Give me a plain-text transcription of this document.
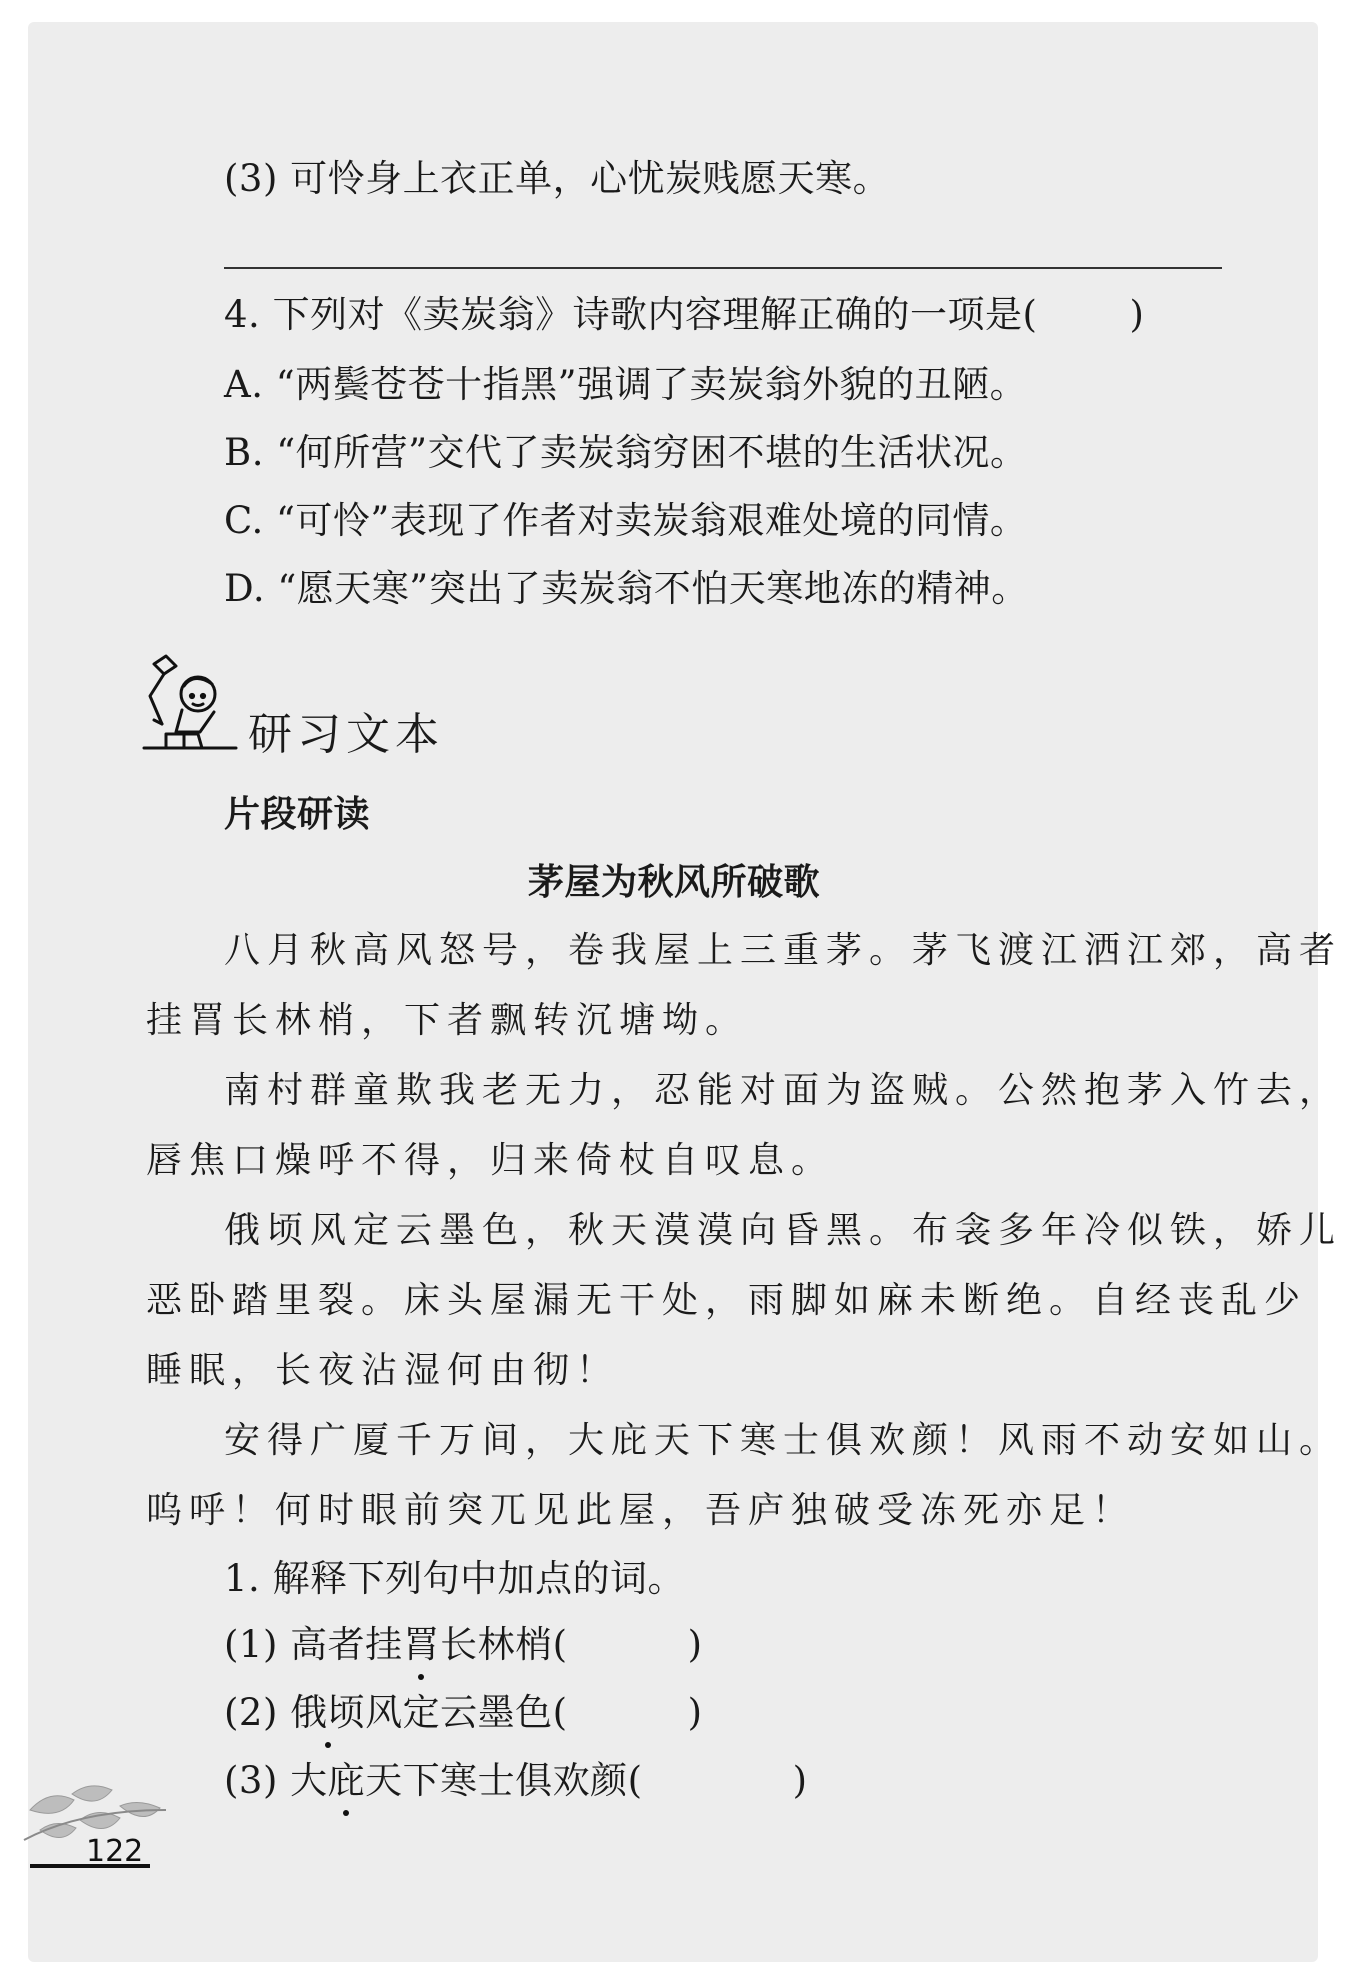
(3) 可怜身上衣正单，心忧炭贱愿天寒。
4. 下列对《卖炭翁》诗歌内容理解正确的一项是( )
A. “两鬓苍苍十指黑”强调了卖炭翁外貌的丑陋。
B. “何所营”交代了卖炭翁穷困不堪的生活状况。
C. “可怜”表现了作者对卖炭翁艰难处境的同情。
D. “愿天寒”突出了卖炭翁不怕天寒地冻的精神。
研习文本
片段研读
茅屋为秋风所破歌
八月秋高风怒号，卷我屋上三重茅。茅飞渡江洒江郊，高者
挂罥长林梢，下者飘转沉塘坳。
南村群童欺我老无力，忍能对面为盗贼。公然抱茅入竹去，
唇焦口燥呼不得，归来倚杖自叹息。
俄顷风定云墨色，秋天漠漠向昏黑。布衾多年冷似铁，娇儿
恶卧踏里裂。床头屋漏无干处，雨脚如麻未断绝。自经丧乱少
睡眠，长夜沾湿何由彻！
安得广厦千万间，大庇天下寒士俱欢颜！风雨不动安如山。
呜呼！何时眼前突兀见此屋，吾庐独破受冻死亦足！
1. 解释下列句中加点的词。
(1) 高者挂罥长林梢(	)
(2) 俄顷风定云墨色(	)
(3) 大庇天下寒士俱欢颜(	)
122
